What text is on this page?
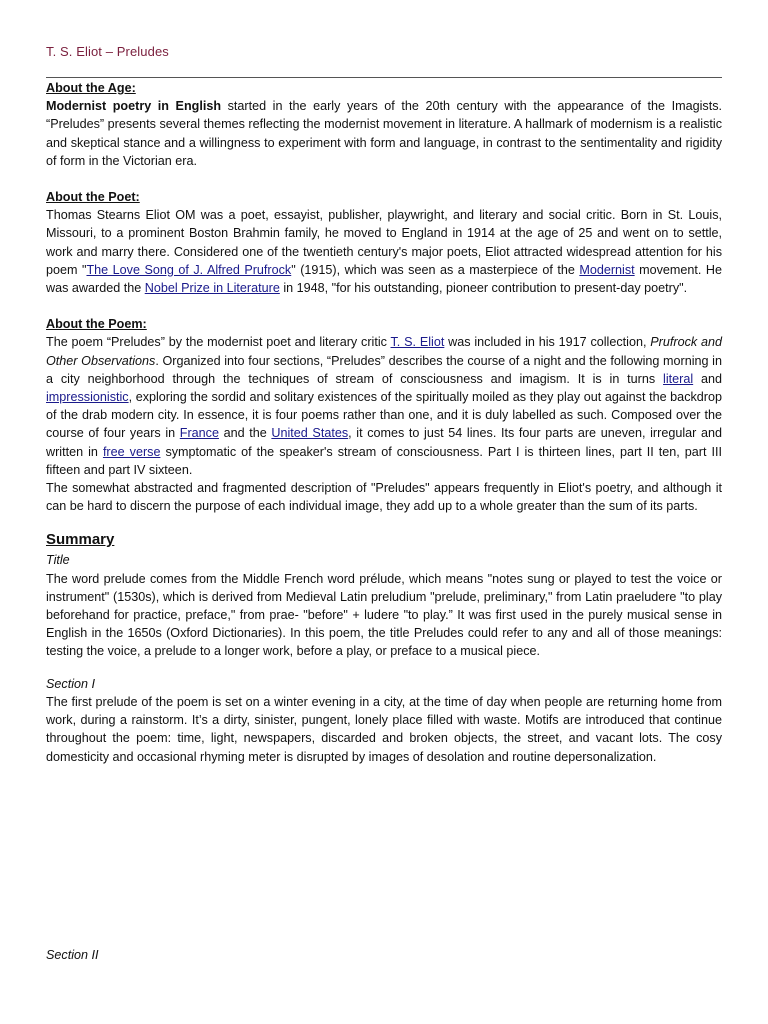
T. S. Eliot – Preludes

About the Age:

Modernist poetry in English started in the early years of the 20th century with the appearance of the Imagists. “Preludes” presents several themes reflecting the modernist movement in literature. A hallmark of modernism is a realistic and skeptical stance and a willingness to experiment with form and language, in contrast to the sentimentality and rigidity of form in the Victorian era.

About the Poet:

Thomas Stearns Eliot OM was a poet, essayist, publisher, playwright, and literary and social critic. Born in St. Louis, Missouri, to a prominent Boston Brahmin family, he moved to England in 1914 at the age of 25 and went on to settle, work and marry there. Considered one of the twentieth century's major poets, Eliot attracted widespread attention for his poem "The Love Song of J. Alfred Prufrock" (1915), which was seen as a masterpiece of the Modernist movement. He was awarded the Nobel Prize in Literature in 1948, "for his outstanding, pioneer contribution to present-day poetry".

About the Poem:

The poem “Preludes” by the modernist poet and literary critic T. S. Eliot was included in his 1917 collection, Prufrock and Other Observations. Organized into four sections, “Preludes” describes the course of a night and the following morning in a city neighborhood through the techniques of stream of consciousness and imagism. It is in turns literal and impressionistic, exploring the sordid and solitary existences of the spiritually moiled as they play out against the backdrop of the drab modern city. In essence, it is four poems rather than one, and it is duly labelled as such. Composed over the course of four years in France and the United States, it comes to just 54 lines. Its four parts are uneven, irregular and written in free verse symptomatic of the speaker's stream of consciousness. Part I is thirteen lines, part II ten, part III fifteen and part IV sixteen.

The somewhat abstracted and fragmented description of "Preludes" appears frequently in Eliot's poetry, and although it can be hard to discern the purpose of each individual image, they add up to a whole greater than the sum of its parts.

Summary

Title

The word prelude comes from the Middle French word prélude, which means "notes sung or played to test the voice or instrument" (1530s), which is derived from Medieval Latin preludium "prelude, preliminary," from Latin praeludere "to play beforehand for practice, preface," from prae- "before" + ludere "to play.” It was first used in the purely musical sense in English in the 1650s (Oxford Dictionaries). In this poem, the title Preludes could refer to any and all of those meanings: testing the voice, a prelude to a longer work, before a play, or preface to a musical piece.

Section I

The first prelude of the poem is set on a winter evening in a city, at the time of day when people are returning home from work, during a rainstorm. It’s a dirty, sinister, pungent, lonely place filled with waste. Motifs are introduced that continue throughout the poem: time, light, newspapers, discarded and broken objects, the street, and vacant lots. The cosy domesticity and occasional rhyming meter is disrupted by images of desolation and routine depersonalization.

Section II
